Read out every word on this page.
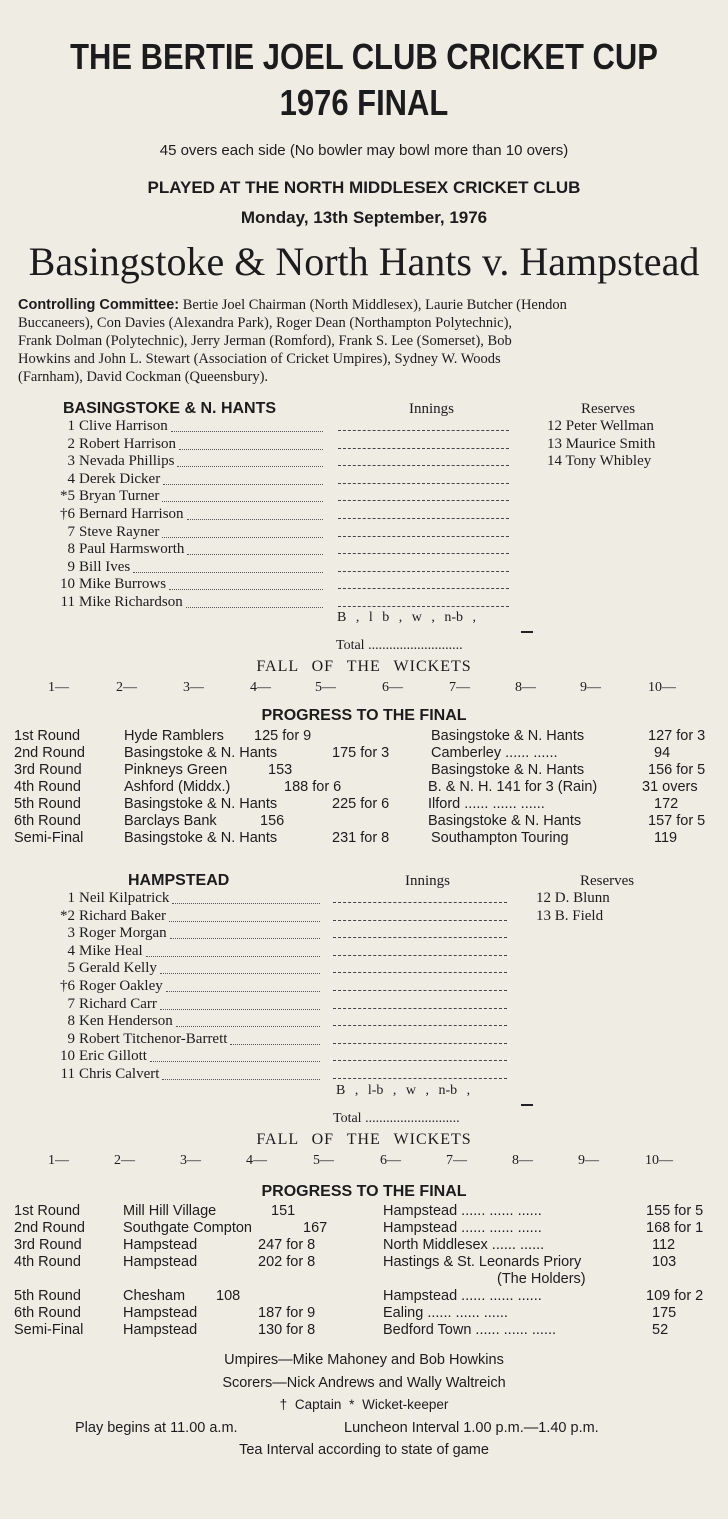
THE BERTIE JOEL CLUB CRICKET CUP
1976 FINAL
45 overs each side (No bowler may bowl more than 10 overs)
PLAYED AT THE NORTH MIDDLESEX CRICKET CLUB
Monday, 13th September, 1976
Basingstoke & North Hants v. Hampstead
Controlling Committee: Bertie Joel Chairman (North Middlesex), Laurie Butcher (Hendon
Buccaneers), Con Davies (Alexandra Park), Roger Dean (Northampton Polytechnic),
Frank Dolman (Polytechnic), Jerry Jerman (Romford), Frank S. Lee (Somerset), Bob
Howkins and John L. Stewart (Association of Cricket Umpires), Sydney W. Woods
(Farnham), David Cockman (Queensbury).
BASINGSTOKE & N. HANTS	Innings	Reserves
1 Clive Harrison
2 Robert Harrison
3 Nevada Phillips
4 Derek Dicker
*5 Bryan Turner
†6 Bernard Harrison
7 Steve Rayner
8 Paul Harmsworth
9 Bill Ives
10 Mike Burrows
11 Mike Richardson
12 Peter Wellman
13 Maurice Smith
14 Tony Whibley
B , l b , w , n-b ,
Total ...........................
FALL OF THE WICKETS
1—	2—	3—	4—	5—	6—	7—	8—	9—	10—
PROGRESS TO THE FINAL
1st Round	Hyde Ramblers 125 for 9	Basingstoke & N. Hants	127 for 3
2nd Round	Basingstoke & N. Hants	175 for 3	Camberley ...... ......	94
3rd Round	Pinkneys Green	153	Basingstoke & N. Hants	156 for 5
4th Round	Ashford (Middx.)	188 for 6	B. & N. H. 141 for 3 (Rain)	31 overs
5th Round	Basingstoke & N. Hants	225 for 6	Ilford ...... ...... ......	172
6th Round	Barclays Bank	156	Basingstoke & N. Hants	157 for 5
Semi-Final	Basingstoke & N. Hants	231 for 8	Southampton Touring	119
HAMPSTEAD	Innings	Reserves
1 Neil Kilpatrick
*2 Richard Baker
3 Roger Morgan
4 Mike Heal
5 Gerald Kelly
†6 Roger Oakley
7 Richard Carr
8 Ken Henderson
9 Robert Titchenor-Barrett
10 Eric Gillott
11 Chris Calvert
12 D. Blunn
13 B. Field
B , l-b , w , n-b ,
Total ...........................
FALL OF THE WICKETS
1—	2—	3—	4—	5—	6—	7—	8—	9—	10—
PROGRESS TO THE FINAL
1st Round	Mill Hill Village	151	Hampstead ...... ...... ......	155 for 5
2nd Round	Southgate Compton	167	Hampstead ...... ...... ......	168 for 1
3rd Round	Hampstead	247 for 8	North Middlesex ...... ......	112
4th Round	Hampstead	202 for 8	Hastings & St. Leonards Priory	103
(The Holders)
5th Round	Chesham 108	Hampstead ...... ...... ......	109 for 2
6th Round	Hampstead	187 for 9	Ealing ...... ...... ......	175
Semi-Final	Hampstead	130 for 8	Bedford Town ...... ...... ......	52
Umpires—Mike Mahoney and Bob Howkins
Scorers—Nick Andrews and Wally Waltreich
† Captain * Wicket-keeper
Play begins at 11.00 a.m.	Luncheon Interval 1.00 p.m.—1.40 p.m.
Tea Interval according to state of game
